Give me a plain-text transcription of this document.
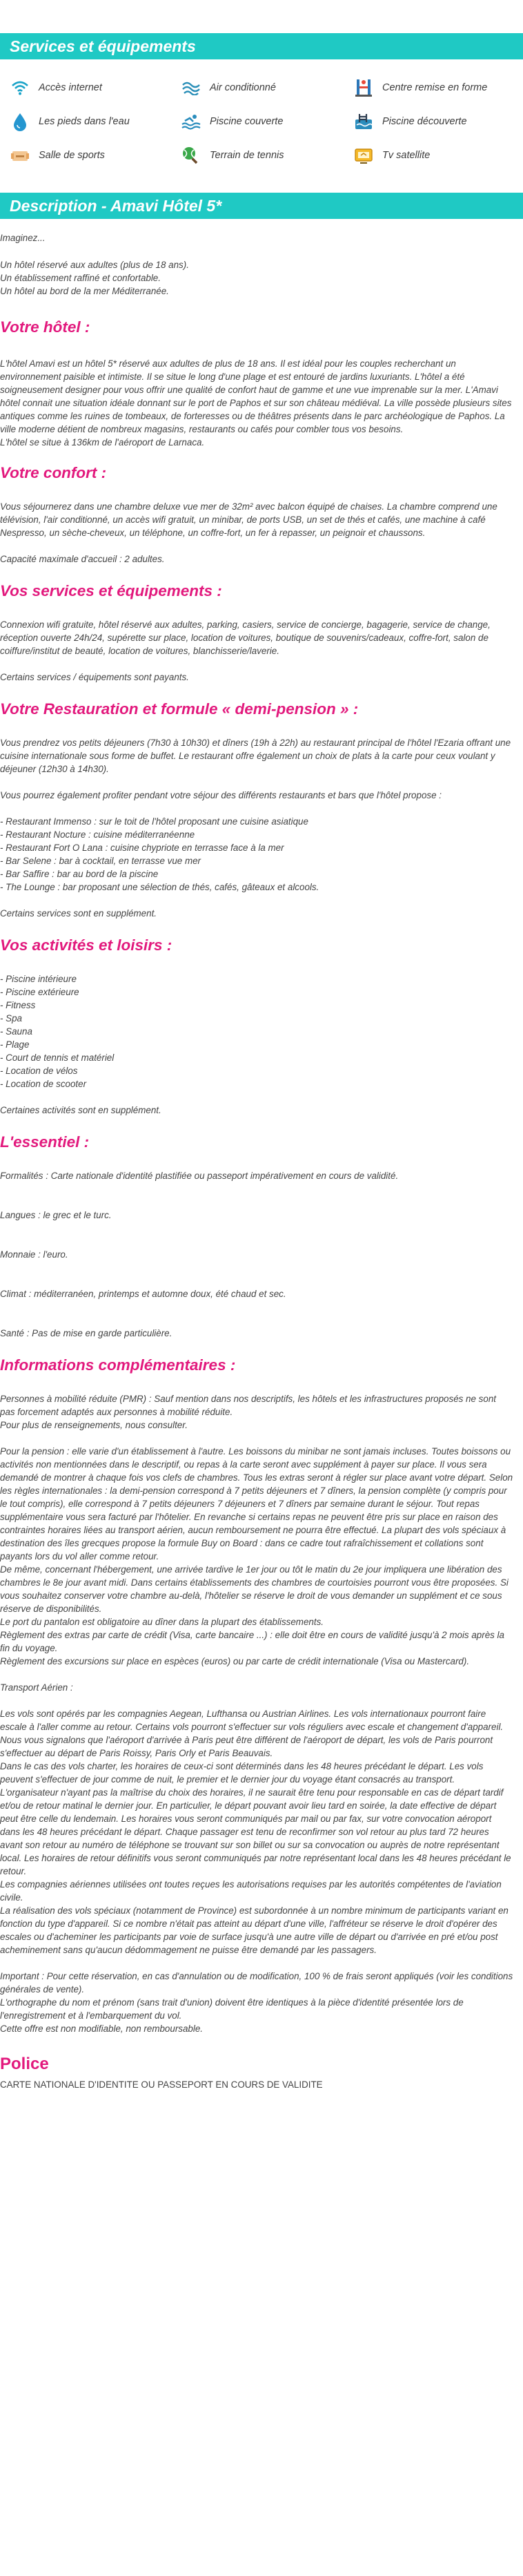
Services et équipements
Accès internet	Air conditionné	Centre remise en forme
Les pieds dans l'eau	Piscine couverte	Piscine découverte
Salle de sports	Terrain de tennis	Tv satellite
Description - Amavi Hôtel 5*

Imaginez...

Un hôtel réservé aux adultes (plus de 18 ans).

Un établissement raffiné et confortable.

Un hôtel au bord de la mer Méditerranée.

Votre hôtel :

L'hôtel Amavi est un hôtel 5* réservé aux adultes de plus de 18 ans. Il est idéal pour les couples recherchant un environnement paisible et intimiste. Il se situe le long d'une plage et est entouré de jardins luxuriants. L'hôtel a été soigneusement designer pour vous offrir une qualité de confort haut de gamme et une vue imprenable sur la mer. L'Amavi hôtel connait une situation idéale donnant sur le port de Paphos et sur son château médiéval. La ville possède plusieurs sites antiques comme les ruines de tombeaux, de forteresses ou de théâtres présents dans le parc archéologique de Paphos. La ville moderne détient de nombreux magasins, restaurants ou cafés pour combler tous vos besoins.

L'hôtel se situe à 136km de l'aéroport de Larnaca.

Votre confort :

Vous séjournerez dans une chambre deluxe vue mer de 32m² avec balcon équipé de chaises. La chambre comprend une télévision, l'air conditionné, un accès wifi gratuit, un minibar, de ports USB, un set de thés et cafés, une machine à café Nespresso, un sèche-cheveux, un téléphone, un coffre-fort, un fer à repasser, un peignoir et chaussons.

Capacité maximale d'accueil : 2 adultes.

Vos services et équipements :

Connexion wifi gratuite, hôtel réservé aux adultes, parking, casiers, service de concierge, bagagerie, service de change, réception ouverte 24h/24, supérette sur place, location de voitures, boutique de souvenirs/cadeaux, coffre-fort, salon de coiffure/institut de beauté, location de voitures, blanchisserie/laverie.

Certains services / équipements sont payants.

Votre Restauration et formule « demi-pension » :

Vous prendrez vos petits déjeuners (7h30 à 10h30) et dîners (19h à 22h) au restaurant principal de l'hôtel l'Ezaria offrant une cuisine internationale sous forme de buffet. Le restaurant offre également un choix de plats à la carte pour ceux voulant y déjeuner (12h30 à 14h30).

Vous pourrez également profiter pendant votre séjour des différents restaurants et bars que l'hôtel propose :

- Restaurant Immenso : sur le toit de l'hôtel proposant une cuisine asiatique

- Restaurant Nocture : cuisine méditerranéenne

- Restaurant Fort O Lana : cuisine chypriote en terrasse face à la mer

- Bar Selene : bar à cocktail, en terrasse vue mer

- Bar Saffire : bar au bord de la piscine

- The Lounge : bar proposant une sélection de thés, cafés, gâteaux et alcools.

Certains services sont en supplément.

Vos activités et loisirs :

- Piscine intérieure

- Piscine extérieure

- Fitness

- Spa

- Sauna

- Plage

- Court de tennis et matériel

- Location de vélos

- Location de scooter

Certaines activités sont en supplément.

L'essentiel :

Formalités : Carte nationale d'identité plastifiée ou passeport impérativement en cours de validité.

Langues : le grec et le turc.

Monnaie : l'euro.

Climat : méditerranéen, printemps et automne doux, été chaud et sec.

Santé : Pas de mise en garde particulière.

Informations complémentaires :

Personnes à mobilité réduite (PMR) : Sauf mention dans nos descriptifs, les hôtels et les infrastructures proposés ne sont pas forcement adaptés aux personnes à mobilité réduite.

Pour plus de renseignements, nous consulter.

Pour la pension : elle varie d'un établissement à l'autre. Les boissons du minibar ne sont jamais incluses. Toutes boissons ou activités non mentionnées dans le descriptif, ou repas à la carte seront avec supplément à payer sur place. Il vous sera demandé de montrer à chaque fois vos clefs de chambres. Tous les extras seront à régler sur place avant votre départ. Selon les règles internationales : la demi-pension correspond à 7 petits déjeuners et 7 dîners, la pension complète (y compris pour le tout compris), elle correspond à 7 petits déjeuners 7 déjeuners et 7 dîners par semaine durant le séjour. Tout repas supplémentaire vous sera facturé par l'hôtelier. En revanche si certains repas ne peuvent être pris sur place en raison des contraintes horaires liées au transport aérien, aucun remboursement ne pourra être effectué. La plupart des vols spéciaux à destination des îles grecques propose la formule Buy on Board : dans ce cadre tout rafraîchissement et collations sont payants lors du vol aller comme retour.

De même, concernant l'hébergement, une arrivée tardive le 1er jour ou tôt le matin du 2e jour impliquera une libération des chambres le 8e jour avant midi. Dans certains établissements des chambres de courtoisies pourront vous être proposées. Si vous souhaitez conserver votre chambre au-delà, l'hôtelier se réserve le droit de vous demander un supplément et ce sous réserve de disponibilités.

Le port du pantalon est obligatoire au dîner dans la plupart des établissements.

Règlement des extras par carte de crédit (Visa, carte bancaire ...) : elle doit être en cours de validité jusqu'à 2 mois après la fin du voyage.

Règlement des excursions sur place en espèces (euros) ou par carte de crédit internationale (Visa ou Mastercard).

Transport Aérien :

Les vols sont opérés par les compagnies Aegean, Lufthansa ou Austrian Airlines. Les vols internationaux pourront faire escale à l'aller comme au retour. Certains vols pourront s'effectuer sur vols réguliers avec escale et changement d'appareil.

Nous vous signalons que l'aéroport d'arrivée à Paris peut être différent de l'aéroport de départ, les vols de Paris pourront s'effectuer au départ de Paris Roissy, Paris Orly et Paris Beauvais.

Dans le cas des vols charter, les horaires de ceux-ci sont déterminés dans les 48 heures précédant le départ. Les vols peuvent s'effectuer de jour comme de nuit, le premier et le dernier jour du voyage étant consacrés au transport. L'organisateur n'ayant pas la maîtrise du choix des horaires, il ne saurait être tenu pour responsable en cas de départ tardif et/ou de retour matinal le dernier jour. En particulier, le départ pouvant avoir lieu tard en soirée, la date effective de départ peut être celle du lendemain. Les horaires vous seront communiqués par mail ou par fax, sur votre convocation aéroport dans les 48 heures précédant le départ. Chaque passager est tenu de reconfirmer son vol retour au plus tard 72 heures avant son retour au numéro de téléphone se trouvant sur son billet ou sur sa convocation ou auprès de notre représentant local. Les horaires de retour définitifs vous seront communiqués par notre représentant local dans les 48 heures précédant le retour.

Les compagnies aériennes utilisées ont toutes reçues les autorisations requises par les autorités compétentes de l'aviation civile.

La réalisation des vols spéciaux (notamment de Province) est subordonnée à un nombre minimum de participants variant en fonction du type d'appareil. Si ce nombre n'était pas atteint au départ d'une ville, l'affréteur se réserve le droit d'opérer des escales ou d'acheminer les participants par voie de surface jusqu'à une autre ville de départ ou d'arrivée en pré et/ou post acheminement sans qu'aucun dédommagement ne puisse être demandé par les passagers.

Important : Pour cette réservation, en cas d'annulation ou de modification, 100 % de frais seront appliqués (voir les conditions générales de vente).

L'orthographe du nom et prénom (sans trait d'union) doivent être identiques à la pièce d'identité présentée lors de l'enregistrement et à l'embarquement du vol.

Cette offre est non modifiable, non remboursable.

Police

CARTE NATIONALE D'IDENTITE OU PASSEPORT EN COURS DE VALIDITE
